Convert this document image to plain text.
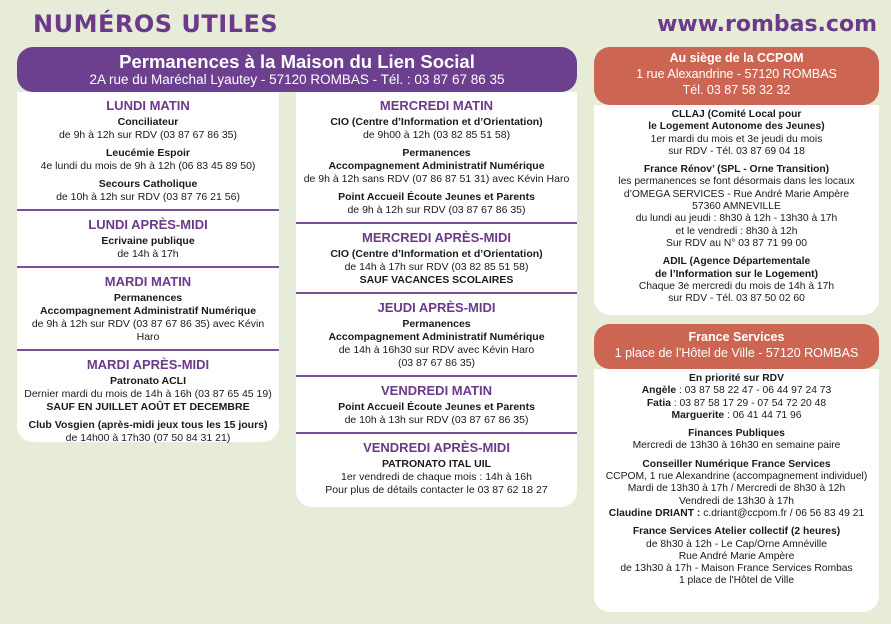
NUMÉROS UTILES	www.rombas.com
Permanences à la Maison du Lien Social
2A rue du Maréchal Lyautey - 57120 ROMBAS - Tél. : 03 87 67 86 35
LUNDI MATIN
Conciliateur
de 9h à 12h sur RDV (03 87 67 86 35)
Leucémie Espoir
4e lundi du mois de 9h à 12h (06 83 45 89 50)
Secours Catholique
de 10h à 12h sur RDV (03 87 76 21 56)
LUNDI APRÈS-MIDI
Ecrivaine publique
de 14h à 17h
MARDI MATIN
Permanences
Accompagnement Administratif Numérique
de 9h à 12h sur RDV (03 87 67 86 35) avec Kévin Haro
MARDI APRÈS-MIDI
Patronato ACLI
Dernier mardi du mois de 14h à 16h (03 87 65 45 19)
SAUF EN JUILLET AOÛT ET DECEMBRE
Club Vosgien (après-midi jeux tous les 15 jours)
de 14h00 à 17h30 (07 50 84 31 21)
MERCREDI MATIN
CIO (Centre d’Information et d’Orientation)
de 9h00 à 12h (03 82 85 51 58)
Permanences
Accompagnement Administratif Numérique
de 9h à 12h sans RDV (07 86 87 51 31) avec Kévin Haro
Point Accueil Écoute Jeunes et Parents
de 9h à 12h sur RDV (03 87 67 86 35)
MERCREDI APRÈS-MIDI
CIO (Centre d’Information et d’Orientation)
de 14h à 17h sur RDV (03 82 85 51 58)
SAUF VACANCES SCOLAIRES
JEUDI APRÈS-MIDI
Permanences
Accompagnement Administratif Numérique
de 14h à 16h30 sur RDV avec Kévin Haro
(03 87 67 86 35)
VENDREDI MATIN
Point Accueil Écoute Jeunes et Parents
de 10h à 13h sur RDV (03 87 67 86 35)
VENDREDI APRÈS-MIDI
PATRONATO ITAL UIL
1er vendredi de chaque mois : 14h à 16h
Pour plus de détails contacter le 03 87 62 18 27
Au siège de la CCPOM
1 rue Alexandrine - 57120 ROMBAS
Tél. 03 87 58 32 32
CLLAJ (Comité Local pour
le Logement Autonome des Jeunes)
1er mardi du mois et 3e jeudi du mois
sur RDV - Tél. 03 87 69 04 18
France Rénov’ (SPL - Orne Transition)
les permanences se font désormais dans les locaux
d’OMEGA SERVICES - Rue André Marie Ampère
57360 AMNEVILLE
du lundi au jeudi : 8h30 à 12h - 13h30 à 17h
et le vendredi : 8h30 à 12h
Sur RDV au N° 03 87 71 99 00
ADIL (Agence Départementale
de l’Information sur le Logement)
Chaque 3e mercredi du mois de 14h à 17h
sur RDV - Tél. 03 87 50 02 60
France Services
1 place de l’Hôtel de Ville - 57120 ROMBAS
En priorité sur RDV
Angèle : 03 87 58 22 47 - 06 44 97 24 73
Fatia : 03 87 58 17 29 - 07 54 72 20 48
Marguerite : 06 41 44 71 96
Finances Publiques
Mercredi de 13h30 à 16h30 en semaine paire
Conseiller Numérique France Services
CCPOM, 1 rue Alexandrine (accompagnement individuel)
Mardi de 13h30 à 17h / Mercredi de 8h30 à 12h
Vendredi de 13h30 à 17h
Claudine DRIANT : c.driant@ccpom.fr / 06 56 83 49 21
France Services Atelier collectif (2 heures)
de 8h30 à 12h - Le Cap/Orne Amnéville
Rue André Marie Ampère
de 13h30 à 17h - Maison France Services Rombas
1 place de l'Hôtel de Ville
